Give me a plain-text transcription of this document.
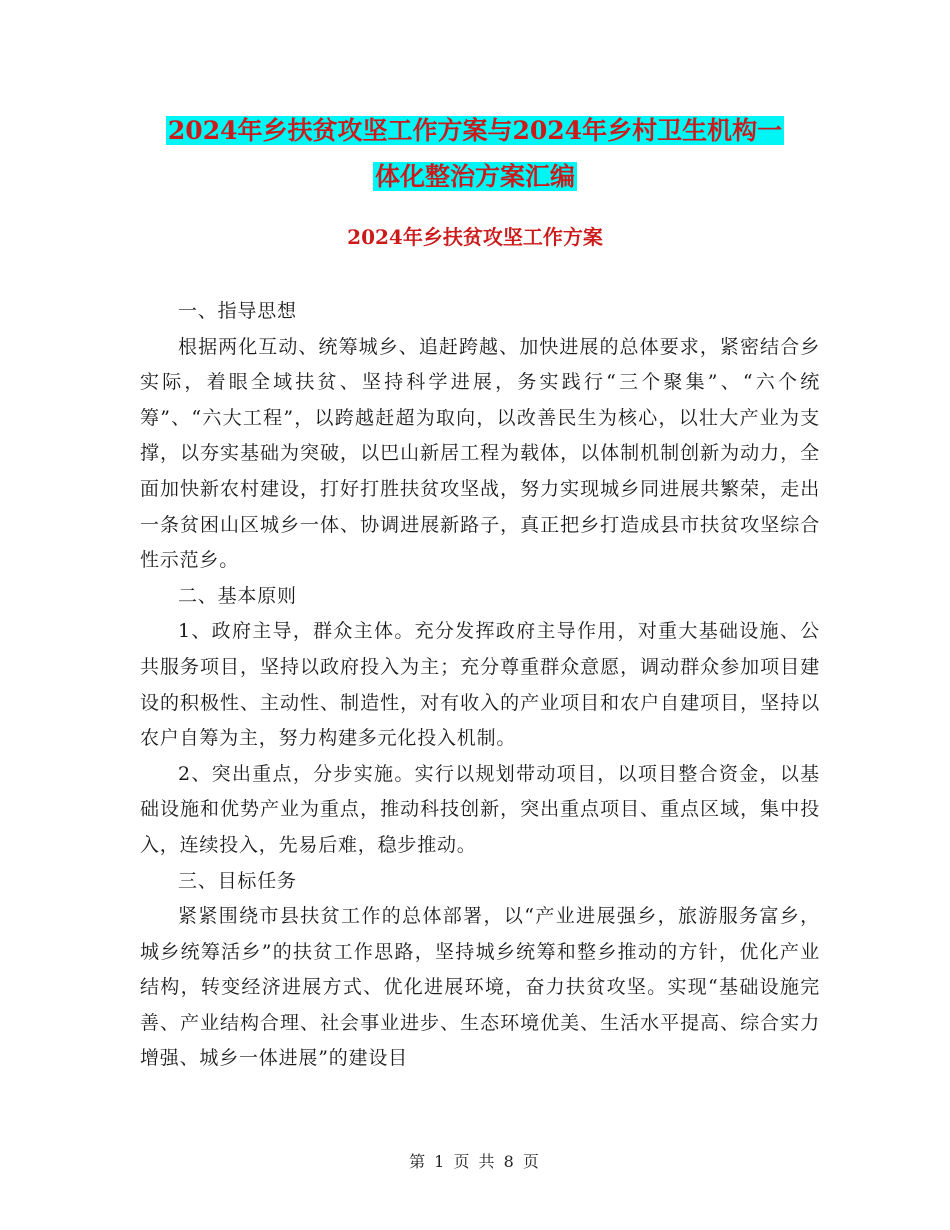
2024年乡扶贫攻坚工作方案与2024年乡村卫生机构一
体化整治方案汇编
2024年乡扶贫攻坚工作方案

一、指导思想

根据两化互动、统筹城乡、追赶跨越、加快进展的总体要求，紧密结合乡实际，着眼全域扶贫、坚持科学进展，务实践行“三个聚集”、“六个统筹”、“六大工程”，以跨越赶超为取向，以改善民生为核心，以壮大产业为支撑，以夯实基础为突破，以巴山新居工程为载体，以体制机制创新为动力，全面加快新农村建设，打好打胜扶贫攻坚战，努力实现城乡同进展共繁荣，走出一条贫困山区城乡一体、协调进展新路子，真正把乡打造成县市扶贫攻坚综合性示范乡。

二、基本原则

1、政府主导，群众主体。充分发挥政府主导作用，对重大基础设施、公共服务项目，坚持以政府投入为主；充分尊重群众意愿，调动群众参加项目建设的积极性、主动性、制造性，对有收入的产业项目和农户自建项目，坚持以农户自筹为主，努力构建多元化投入机制。

2、突出重点，分步实施。实行以规划带动项目，以项目整合资金，以基础设施和优势产业为重点，推动科技创新，突出重点项目、重点区域，集中投入，连续投入，先易后难，稳步推动。

三、目标任务

紧紧围绕市县扶贫工作的总体部署，以“产业进展强乡，旅游服务富乡，城乡统筹活乡”的扶贫工作思路，坚持城乡统筹和整乡推动的方针，优化产业结构，转变经济进展方式、优化进展环境，奋力扶贫攻坚。实现“基础设施完善、产业结构合理、社会事业进步、生态环境优美、生活水平提高、综合实力增强、城乡一体进展”的建设目

第 1 页 共 8 页
